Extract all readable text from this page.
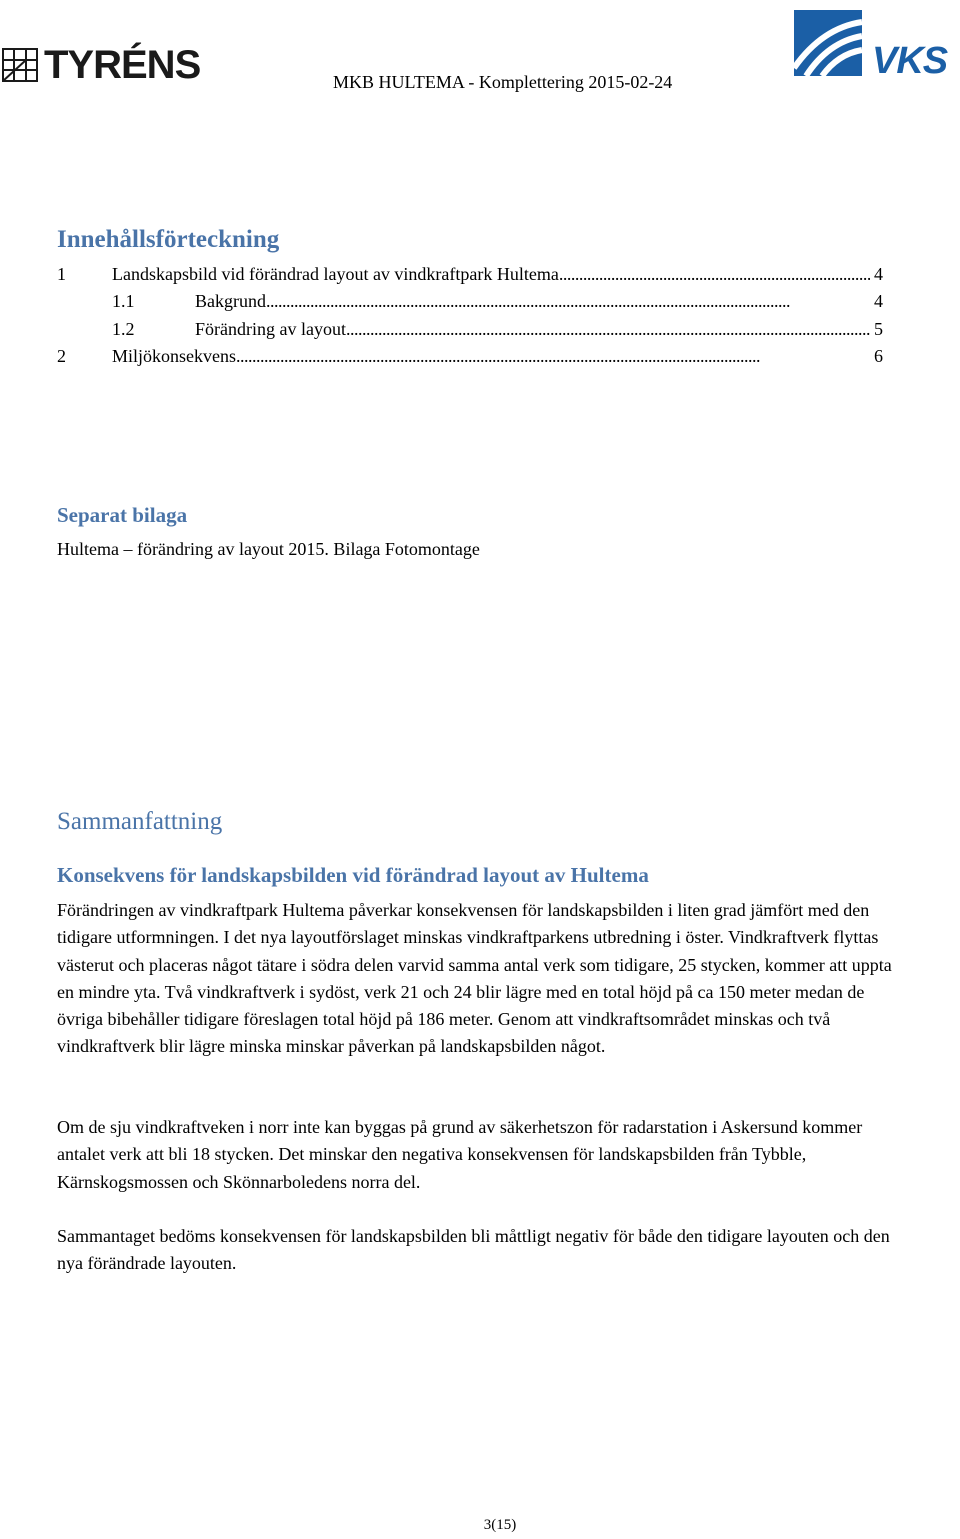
TYRÉNS	VKS
MKB HULTEMA - Komplettering 2015-02-24
Innehållsförteckning
1	Landskapsbild vid förändrad layout av vindkraftpark Hultema . . .	4
1.1	Bakgrund . . .	4
1.2	Förändring av layout . . .	5
2	Miljökonsekvens . . .	6
Separat bilaga
Hultema – förändring av layout 2015. Bilaga Fotomontage
Sammanfattning
Konsekvens för landskapsbilden vid förändrad layout av Hultema

Förändringen av vindkraftpark Hultema påverkar konsekvensen för landskapsbilden i liten grad jämfört med den tidigare utformningen. I det nya layoutförslaget minskas vindkraftparkens utbredning i öster. Vindkraftverk flyttas västerut och placeras något tätare i södra delen varvid samma antal verk som tidigare, 25 stycken, kommer att uppta en mindre yta. Två vindkraftverk i sydöst, verk 21 och 24 blir lägre med en total höjd på ca 150 meter medan de övriga bibehåller tidigare föreslagen total höjd på 186 meter. Genom att vindkraftsområdet minskas och två vindkraftverk blir lägre minska minskar påverkan på landskapsbilden något.

Om de sju vindkraftveken i norr inte kan byggas på grund av säkerhetszon för radarstation i Askersund kommer antalet verk att bli 18 stycken. Det minskar den negativa konsekvensen för landskapsbilden från Tybble, Kärnskogsmossen och Skönnarboledens norra del.

Sammantaget bedöms konsekvensen för landskapsbilden bli måttligt negativ för både den tidigare layouten och den nya förändrade layouten.

3(15)
